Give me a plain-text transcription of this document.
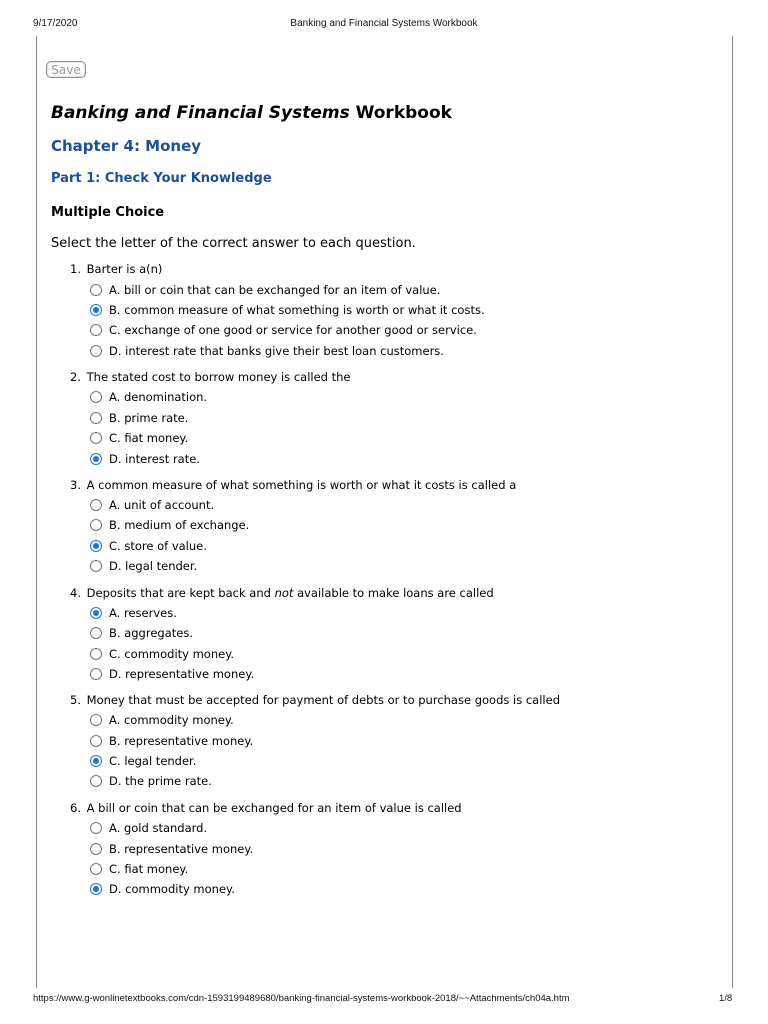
9/17/2020	Banking and Financial Systems Workbook
Save
Banking and Financial Systems Workbook
Chapter 4: Money
Part 1: Check Your Knowledge
Multiple Choice
Select the letter of the correct answer to each question.
1. Barter is a(n)
A. bill or coin that can be exchanged for an item of value.
B. common measure of what something is worth or what it costs.
C. exchange of one good or service for another good or service.
D. interest rate that banks give their best loan customers.
2. The stated cost to borrow money is called the
A. denomination.
B. prime rate.
C. fiat money.
D. interest rate.
3. A common measure of what something is worth or what it costs is called a
A. unit of account.
B. medium of exchange.
C. store of value.
D. legal tender.
4. Deposits that are kept back and not available to make loans are called
A. reserves.
B. aggregates.
C. commodity money.
D. representative money.
5. Money that must be accepted for payment of debts or to purchase goods is called
A. commodity money.
B. representative money.
C. legal tender.
D. the prime rate.
6. A bill or coin that can be exchanged for an item of value is called
A. gold standard.
B. representative money.
C. fiat money.
D. commodity money.
https://www.g-wonlinetextbooks.com/cdn-1593199489680/banking-financial-systems-workbook-2018/~~Attachments/ch04a.htm	1/8
